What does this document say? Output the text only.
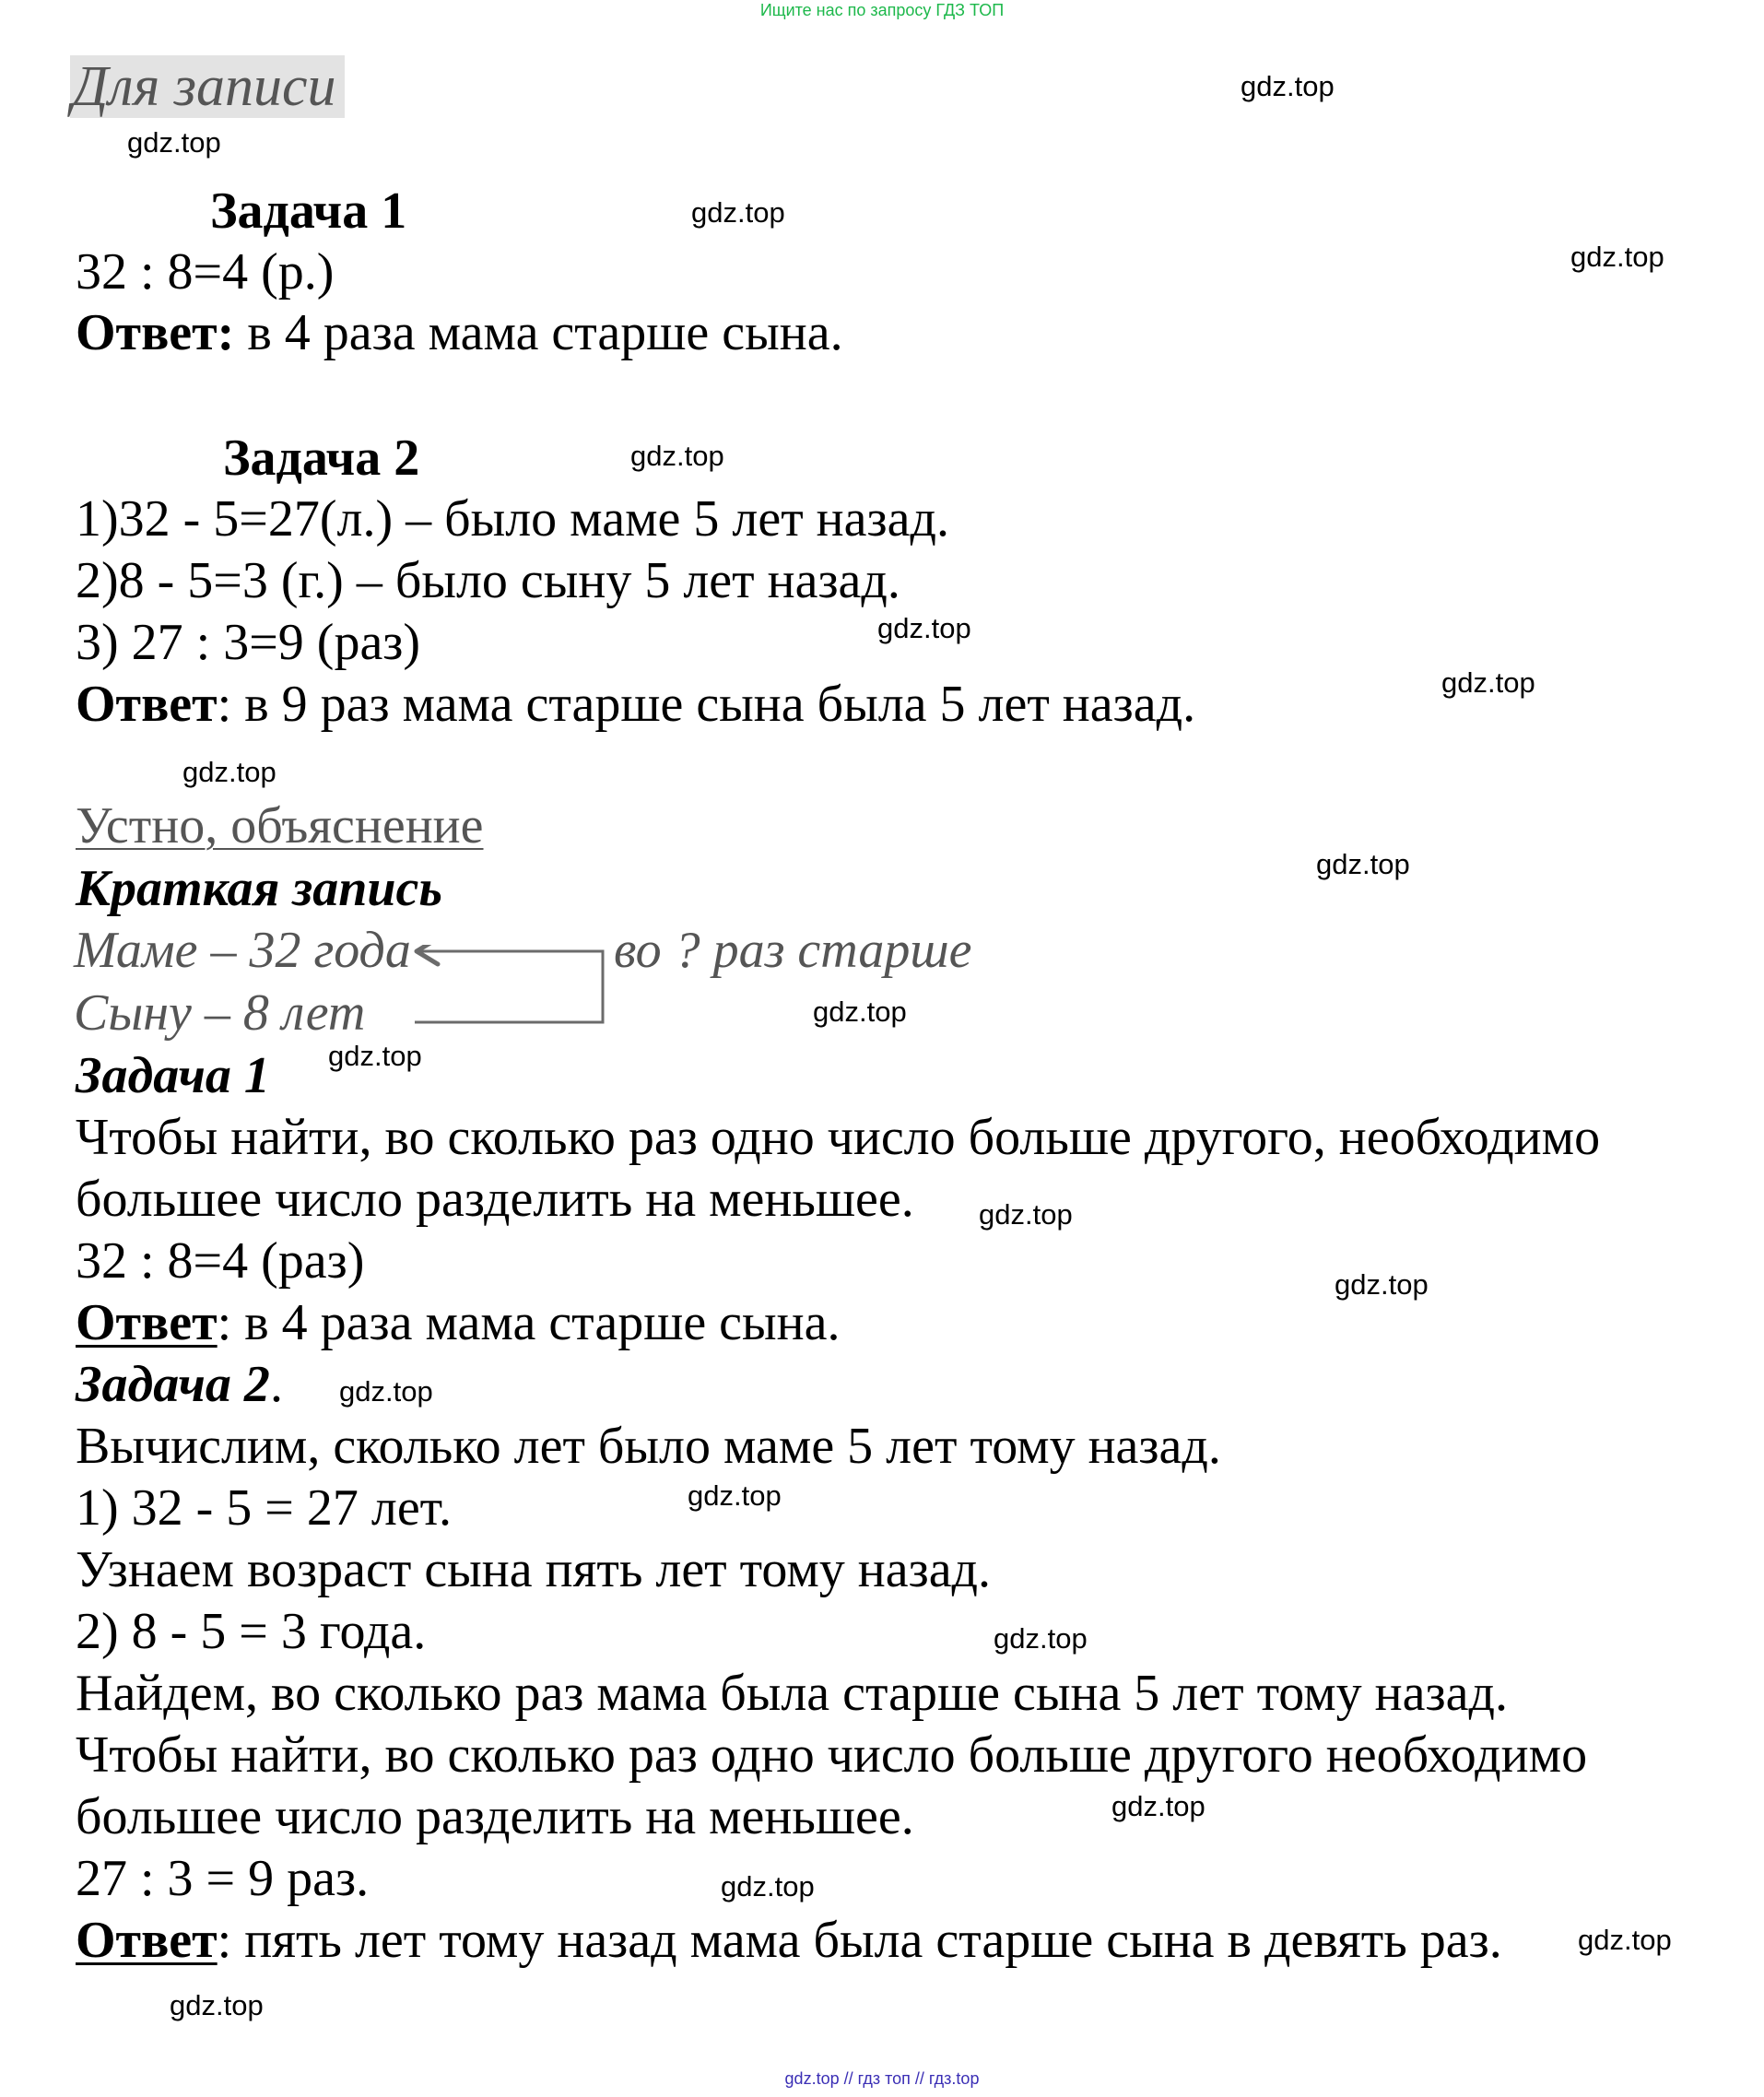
Ищите нас по запросу ГДЗ ТОП
Для записи
Задача 1
32 : 8=4 (р.)
Ответ: в 4 раза мама старше сына.
Задача 2
1)32 - 5=27(л.) – было маме 5 лет назад.
2)8 - 5=3 (г.) – было сыну 5 лет назад.
3) 27 : 3=9 (раз)
Ответ: в 9 раз мама старше сына была 5 лет назад.
Устно, объяснение
Краткая запись
Маме – 32 года	во ? раз старше
Сыну – 8 лет
Задача 1
Чтобы найти, во сколько раз одно число больше другого, необходимо
большее число разделить на меньшее.
32 : 8=4 (раз)
Ответ: в 4 раза мама старше сына.
Задача 2.
Вычислим, сколько лет было маме 5 лет тому назад.
1) 32 - 5 = 27 лет.
Узнаем возраст сына пять лет тому назад.
2) 8 - 5 = 3 года.
Найдем, во сколько раз мама была старше сына 5 лет тому назад.
Чтобы найти, во сколько раз одно число больше другого необходимо
большее число разделить на меньшее.
27 : 3 = 9 раз.
Ответ: пять лет тому назад мама была старше сына в девять раз.
gdz.top
gdz.top
gdz.top
gdz.top
gdz.top
gdz.top
gdz.top
gdz.top
gdz.top
gdz.top
gdz.top
gdz.top
gdz.top
gdz.top
gdz.top
gdz.top
gdz.top
gdz.top
gdz.top
gdz.top
gdz.top // гдз топ // гдз.top
